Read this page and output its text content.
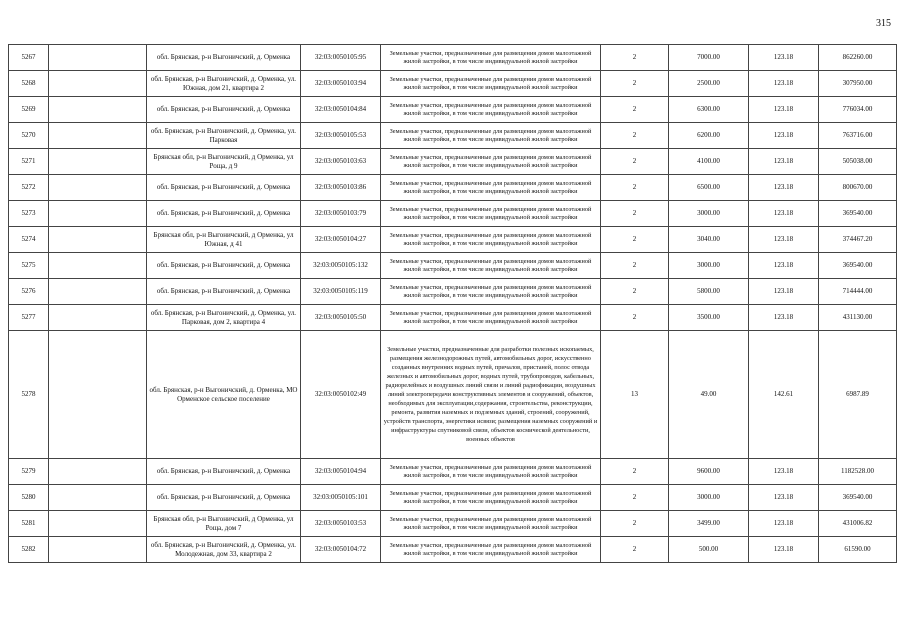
315
5267		обл. Брянская, р-н Выгоничский, д. Орменка	32:03:0050105:95	Земельные участки, предназначенные для размещения домов малоэтажной жилой застройки, в том числе индивидуальной жилой застройки	2	7000.00	123.18	862260.00
5268		обл. Брянская, р-н Выгоничский, д. Орменка, ул. Южная, дом 21, квартира 2	32:03:0050103:94	Земельные участки, предназначенные для размещения домов малоэтажной жилой застройки, в том числе индивидуальной жилой застройки	2	2500.00	123.18	307950.00
5269		обл. Брянская, р-н Выгоничский, д. Орменка	32:03:0050104:84	Земельные участки, предназначенные для размещения домов малоэтажной жилой застройки, в том числе индивидуальной жилой застройки	2	6300.00	123.18	776034.00
5270		обл. Брянская, р-н Выгоничский, д. Орменка, ул. Парковая	32:03:0050105:53	Земельные участки, предназначенные для размещения домов малоэтажной жилой застройки, в том числе индивидуальной жилой застройки	2	6200.00	123.18	763716.00
5271		Брянская обл, р-н Выгоничский, д Орменка, ул Роща, д 9	32:03:0050103:63	Земельные участки, предназначенные для размещения домов малоэтажной жилой застройки, в том числе индивидуальной жилой застройки	2	4100.00	123.18	505038.00
5272		обл. Брянская, р-н Выгоничский, д. Орменка	32:03:0050103:86	Земельные участки, предназначенные для размещения домов малоэтажной жилой застройки, в том числе индивидуальной жилой застройки	2	6500.00	123.18	800670.00
5273		обл. Брянская, р-н Выгоничский, д. Орменка	32:03:0050103:79	Земельные участки, предназначенные для размещения домов малоэтажной жилой застройки, в том числе индивидуальной жилой застройки	2	3000.00	123.18	369540.00
5274		Брянская обл, р-н Выгоничский, д Орменка, ул Южная, д 41	32:03:0050104:27	Земельные участки, предназначенные для размещения домов малоэтажной жилой застройки, в том числе индивидуальной жилой застройки	2	3040.00	123.18	374467.20
5275		обл. Брянская, р-н Выгоничский, д. Орменка	32:03:0050105:132	Земельные участки, предназначенные для размещения домов малоэтажной жилой застройки, в том числе индивидуальной жилой застройки	2	3000.00	123.18	369540.00
5276		обл. Брянская, р-н Выгоничский, д. Орменка	32:03:0050105:119	Земельные участки, предназначенные для размещения домов малоэтажной жилой застройки, в том числе индивидуальной жилой застройки	2	5800.00	123.18	714444.00
5277		обл. Брянская, р-н Выгоничский, д. Орменка, ул. Парковая, дом 2, квартира 4	32:03:0050105:50	Земельные участки, предназначенные для размещения домов малоэтажной жилой застройки, в том числе индивидуальной жилой застройки	2	3500.00	123.18	431130.00
5278		обл. Брянская, р-н Выгоничский, д. Орменка, МО Орменское сельское поселение	32:03:0050102:49	Земельные участки, предназначенные для разработки полезных ископаемых, размещения железнодорожных путей, автомобильных дорог, искусственно созданных внутренних водных путей, причалов, пристаней, полос отвода железных и автомобильных дорог, водных путей, трубопроводов, кабельных, радиорелейных и воздушных линий связи и линий радиофикации, воздушных линий электропередачи конструктивных элементов и сооружений, объектов, необходимых для эксплуатации,содержания, строительства, реконструкции, ремонта, развития наземных и подземных зданий, строений, сооружений, устройств транспорта, энергетики исвязи; размещения наземных сооружений и инфраструктуры спутниковой связи, объектов космической деятельности, военных объектов	13	49.00	142.61	6987.89
5279		обл. Брянская, р-н Выгоничский, д. Орменка	32:03:0050104:94	Земельные участки, предназначенные для размещения домов малоэтажной жилой застройки, в том числе индивидуальной жилой застройки	2	9600.00	123.18	1182528.00
5280		обл. Брянская, р-н Выгоничский, д. Орменка	32:03:0050105:101	Земельные участки, предназначенные для размещения домов малоэтажной жилой застройки, в том числе индивидуальной жилой застройки	2	3000.00	123.18	369540.00
5281		Брянская обл, р-н Выгоничский, д Орменка, ул Роща, дом 7	32:03:0050103:53	Земельные участки, предназначенные для размещения домов малоэтажной жилой застройки, в том числе индивидуальной жилой застройки	2	3499.00	123.18	431006.82
5282		обл. Брянская, р-н Выгоничский, д. Орменка, ул. Молодежная, дом 33, квартира 2	32:03:0050104:72	Земельные участки, предназначенные для размещения домов малоэтажной жилой застройки, в том числе индивидуальной жилой застройки	2	500.00	123.18	61590.00
